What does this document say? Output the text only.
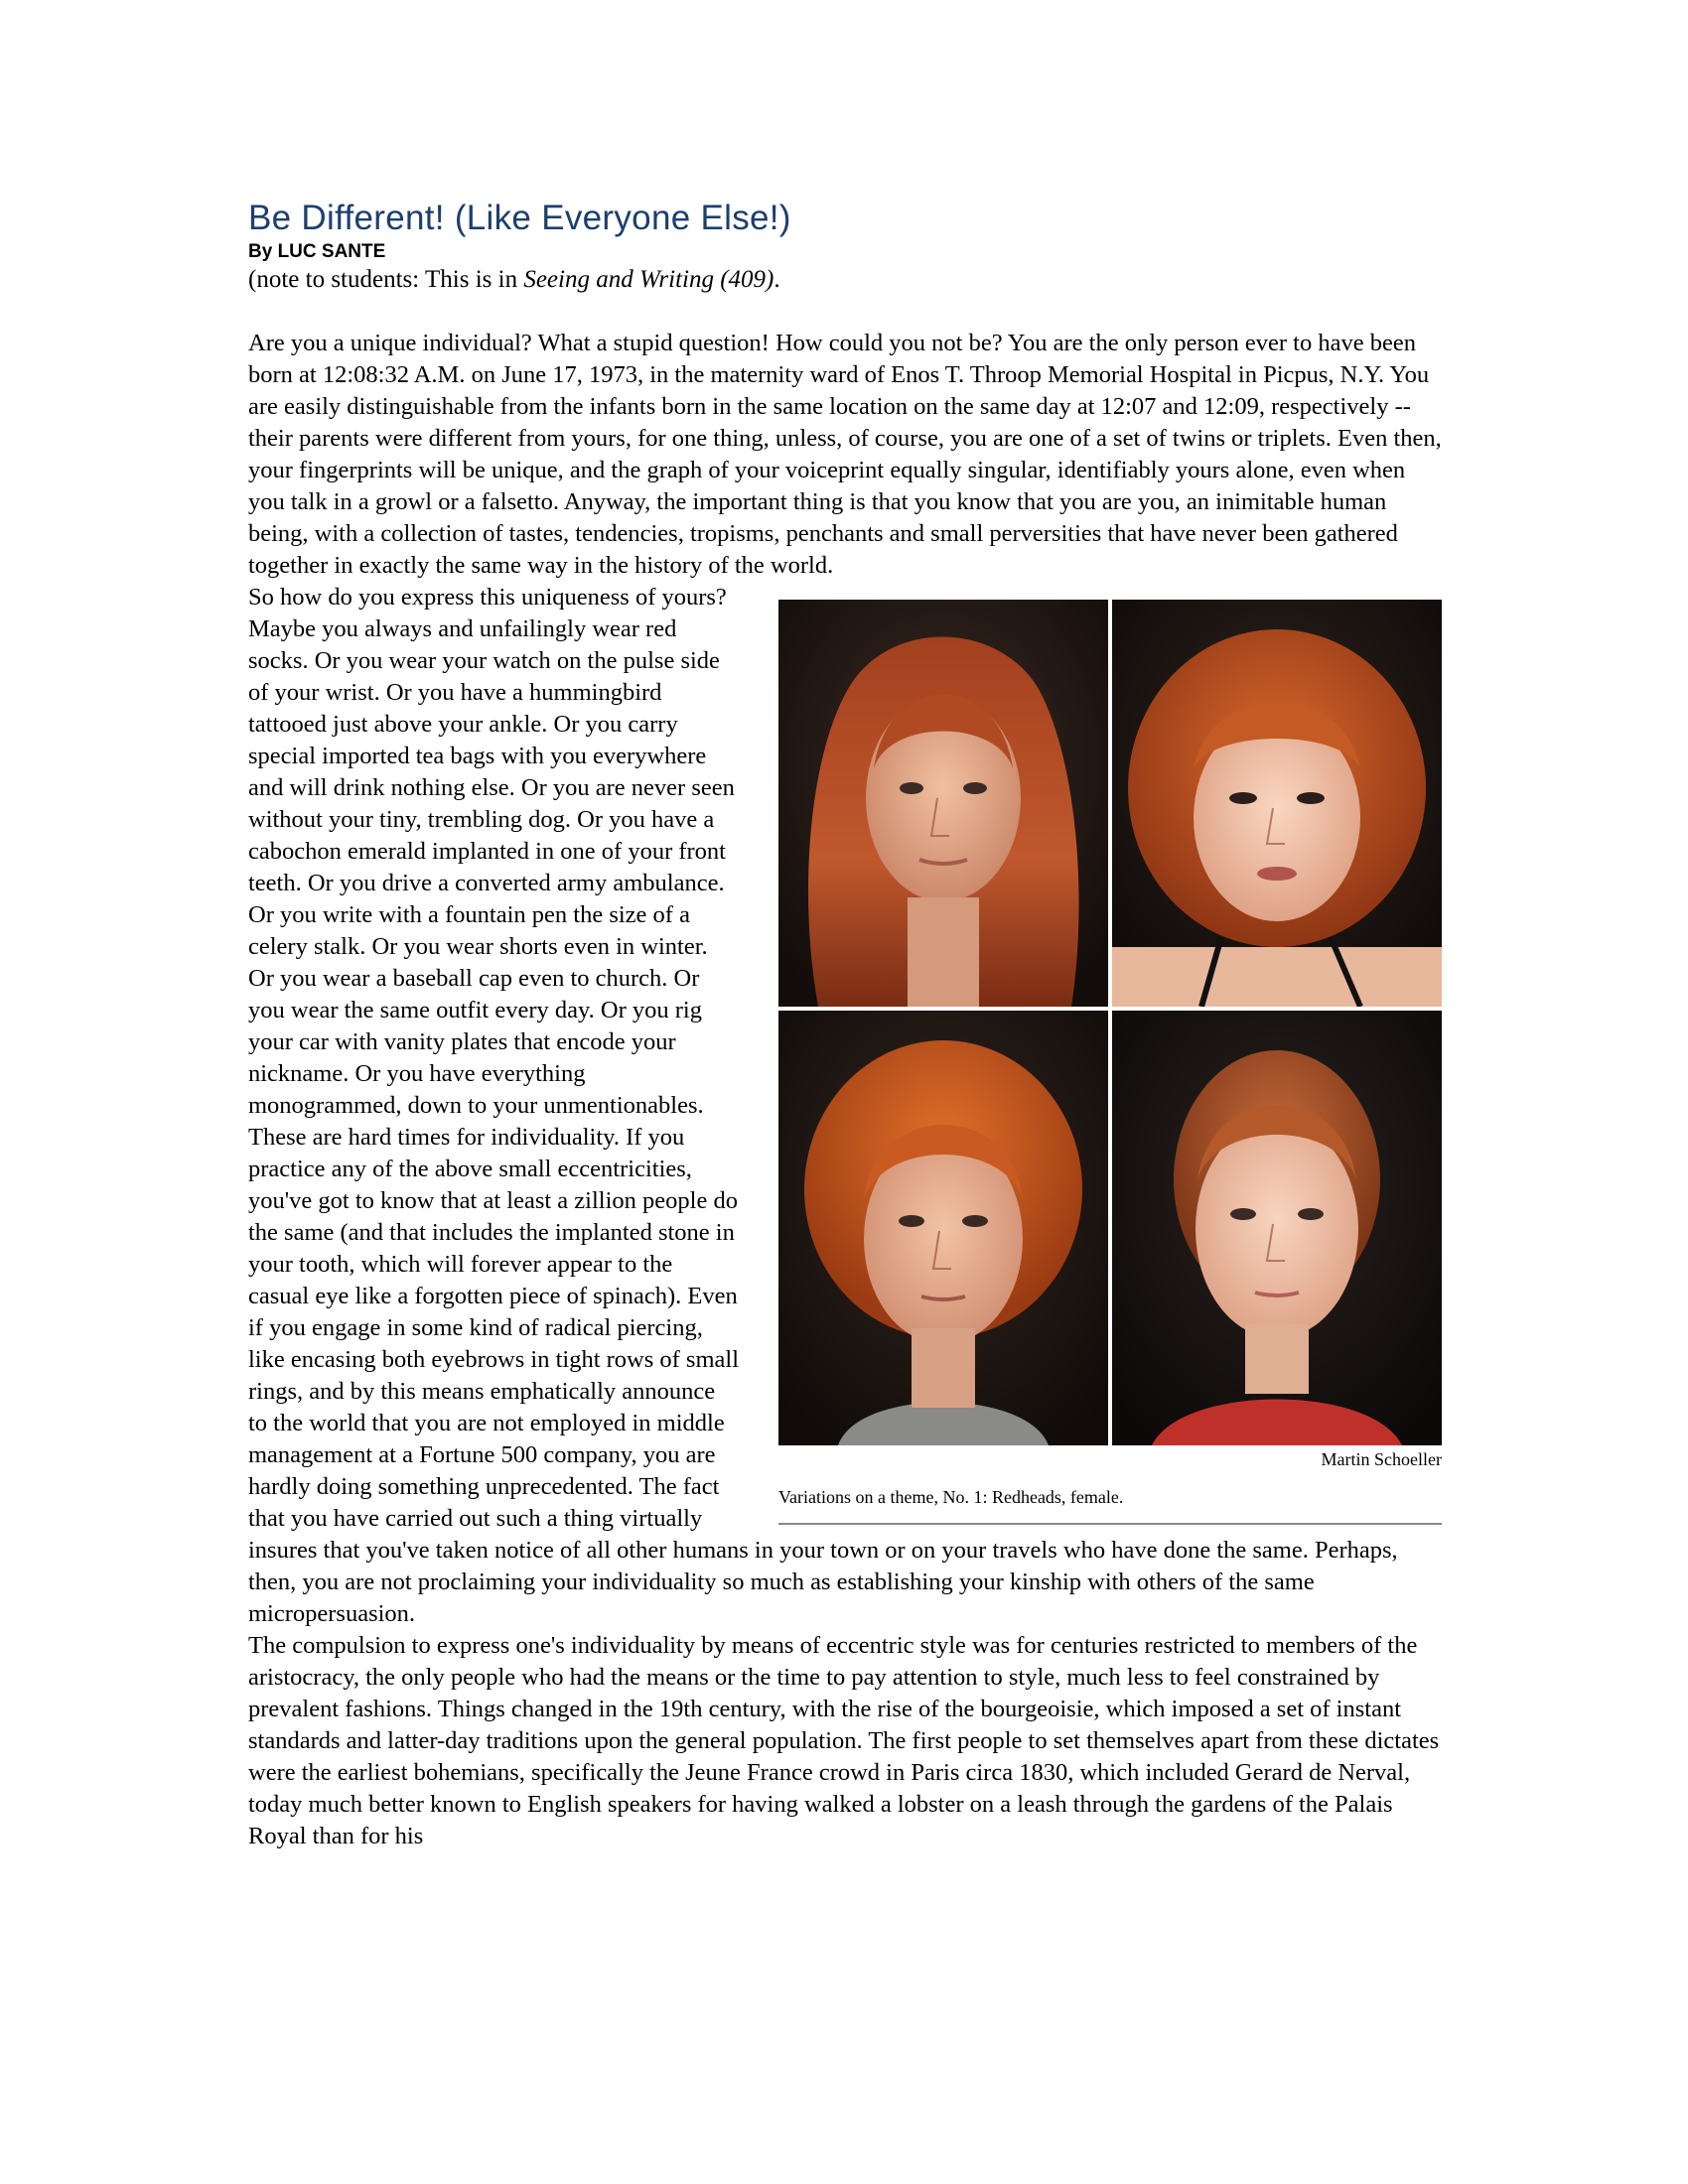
Be Different! (Like Everyone Else!)

By LUC SANTE

(note to students: This is in Seeing and Writing (409).

Are you a unique individual? What a stupid question! How could you not be? You are the only person ever to have been born at 12:08:32 A.M. on June 17, 1973, in the maternity ward of Enos T. Throop Memorial Hospital in Picpus, N.Y. You are easily distinguishable from the infants born in the same location on the same day at 12:07 and 12:09, respectively -- their parents were different from yours, for one thing, unless, of course, you are one of a set of twins or triplets. Even then, your fingerprints will be unique, and the graph of your voiceprint equally singular, identifiably yours alone, even when you talk in a growl or a falsetto. Anyway, the important thing is that you know that you are you, an inimitable human being, with a collection of tastes, tendencies, tropisms, penchants and small perversities that have never been gathered together in exactly the same way in the history of the world.

Martin Schoeller
Variations on a theme, No. 1: Redheads, female.

So how do you express this uniqueness of yours? Maybe you always and unfailingly wear red socks. Or you wear your watch on the pulse side of your wrist. Or you have a hummingbird tattooed just above your ankle. Or you carry special imported tea bags with you everywhere and will drink nothing else. Or you are never seen without your tiny, trembling dog. Or you have a cabochon emerald implanted in one of your front teeth. Or you drive a converted army ambulance. Or you write with a fountain pen the size of a celery stalk. Or you wear shorts even in winter. Or you wear a baseball cap even to church. Or you wear the same outfit every day. Or you rig your car with vanity plates that encode your nickname. Or you have everything monogrammed, down to your unmentionables.

These are hard times for individuality. If you practice any of the above small eccentricities, you've got to know that at least a zillion people do the same (and that includes the implanted stone in your tooth, which will forever appear to the casual eye like a forgotten piece of spinach). Even if you engage in some kind of radical piercing, like encasing both eyebrows in tight rows of small rings, and by this means emphatically announce to the world that you are not employed in middle management at a Fortune 500 company, you are hardly doing something unprecedented. The fact that you have carried out such a thing virtually insures that you've taken notice of all other humans in your town or on your travels who have done the same. Perhaps, then, you are not proclaiming your individuality so much as establishing your kinship with others of the same micropersuasion.

The compulsion to express one's individuality by means of eccentric style was for centuries restricted to members of the aristocracy, the only people who had the means or the time to pay attention to style, much less to feel constrained by prevalent fashions. Things changed in the 19th century, with the rise of the bourgeoisie, which imposed a set of instant standards and latter-day traditions upon the general population. The first people to set themselves apart from these dictates were the earliest bohemians, specifically the Jeune France crowd in Paris circa 1830, which included Gerard de Nerval, today much better known to English speakers for having walked a lobster on a leash through the gardens of the Palais Royal than for his
